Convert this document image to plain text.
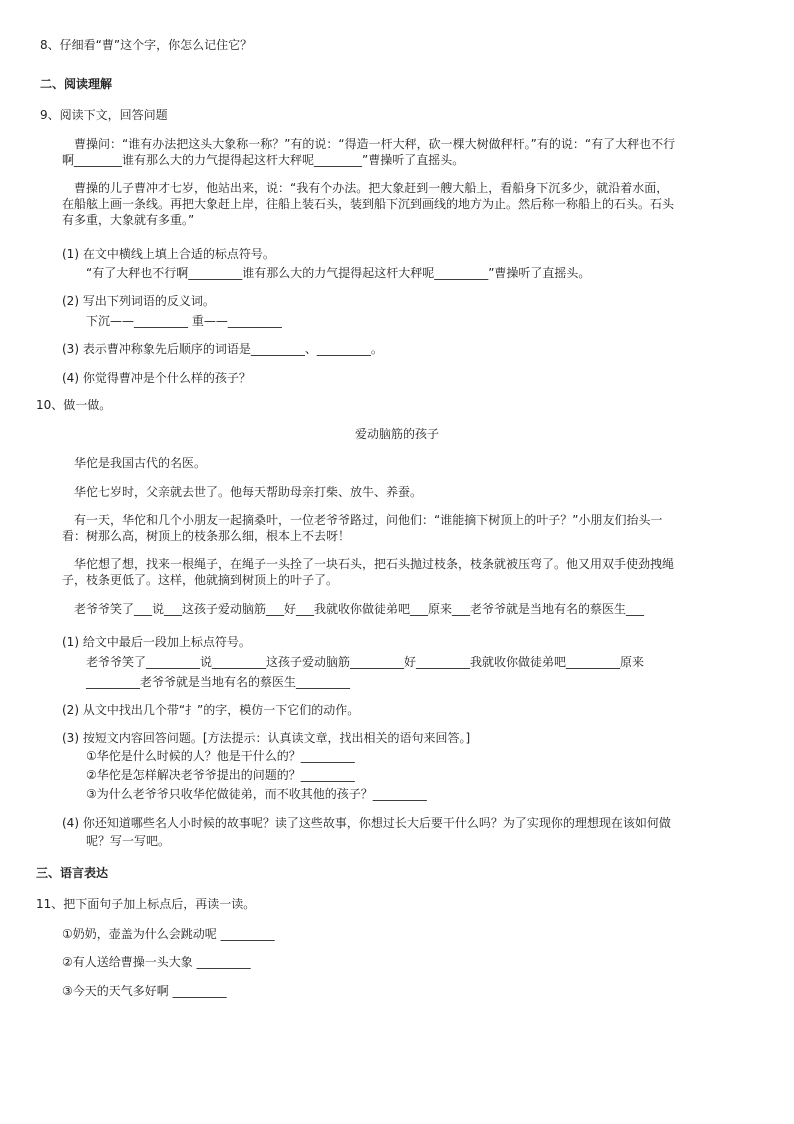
8、仔细看“曹”这个字，你怎么记住它？
二、阅读理解
9、阅读下文，回答问题
曹操问：“谁有办法把这头大象称一称？”有的说：“得造一杆大秤，砍一棵大树做秤杆。”有的说：“有了大秤也不行
啊________谁有那么大的力气提得起这杆大秤呢________”曹操听了直摇头。
曹操的儿子曹冲才七岁，他站出来，说：“我有个办法。把大象赶到一艘大船上，看船身下沉多少，就沿着水面，
在船舷上画一条线。再把大象赶上岸，往船上装石头，装到船下沉到画线的地方为止。然后称一称船上的石头。石头
有多重，大象就有多重。”
(1) 在文中横线上填上合适的标点符号。
“有了大秤也不行啊_________谁有那么大的力气提得起这杆大秤呢_________”曹操听了直摇头。
(2) 写出下列词语的反义词。
下沉——_________ 重——_________
(3) 表示曹冲称象先后顺序的词语是_________、_________。
(4) 你觉得曹冲是个什么样的孩子？
10、做一做。
爱动脑筋的孩子
华佗是我国古代的名医。
华佗七岁时，父亲就去世了。他每天帮助母亲打柴、放牛、养蚕。
有一天，华佗和几个小朋友一起摘桑叶，一位老爷爷路过，问他们：“谁能摘下树顶上的叶子？”小朋友们抬头一
看：树那么高，树顶上的枝条那么细，根本上不去呀！
华佗想了想，找来一根绳子，在绳子一头拴了一块石头，把石头抛过枝条，枝条就被压弯了。他又用双手使劲拽绳
子，枝条更低了。这样，他就摘到树顶上的叶子了。
老爷爷笑了___说___这孩子爱动脑筋___好___我就收你做徒弟吧___原来___老爷爷就是当地有名的蔡医生___
(1) 给文中最后一段加上标点符号。
老爷爷笑了_________说_________这孩子爱动脑筋_________好_________我就收你做徒弟吧_________原来
_________老爷爷就是当地有名的蔡医生_________
(2) 从文中找出几个带“扌”的字，模仿一下它们的动作。
(3) 按短文内容回答问题。[方法提示：认真读文章，找出相关的语句来回答。]
①华佗是什么时候的人？他是干什么的？_________
②华佗是怎样解决老爷爷提出的问题的？_________
③为什么老爷爷只收华佗做徒弟，而不收其他的孩子？_________
(4) 你还知道哪些名人小时候的故事呢？读了这些故事，你想过长大后要干什么吗？为了实现你的理想现在该如何做
呢？写一写吧。
三、语言表达
11、把下面句子加上标点后，再读一读。
①奶奶，壶盖为什么会跳动呢 _________
②有人送给曹操一头大象 _________
③今天的天气多好啊 _________
